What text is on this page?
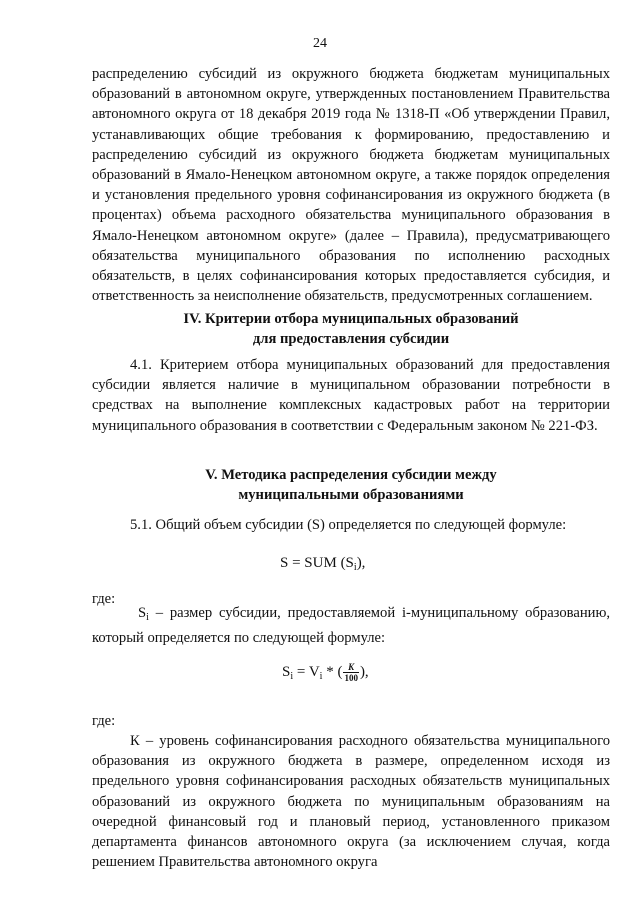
24

распределению субсидий из окружного бюджета бюджетам муниципальных образований в автономном округе, утвержденных постановлением Правительства автономного округа от 18 декабря 2019 года № 1318-П «Об утверждении Правил, устанавливающих общие требования к формированию, предоставлению и распределению субсидий из окружного бюджета бюджетам муниципальных образований в Ямало-Ненецком автономном округе, а также порядок определения и установления предельного уровня софинансирования из окружного бюджета (в процентах) объема расходного обязательства муниципального образования в Ямало-Ненецком автономном округе» (далее – Правила), предусматривающего обязательства муниципального образования по исполнению расходных обязательств, в целях софинансирования которых предоставляется субсидия, и ответственность за неисполнение обязательств, предусмотренных соглашением.

IV. Критерии отбора муниципальных образований
для предоставления субсидии

4.1. Критерием отбора муниципальных образований для предоставления субсидии является наличие в муниципальном образовании потребности в средствах на выполнение комплексных кадастровых работ на территории муниципального образования в соответствии с Федеральным законом № 221-ФЗ.

V. Методика распределения субсидии между
муниципальными образованиями

5.1. Общий объем субсидии (S) определяется по следующей формуле:

S = SUM $(S_i)$,

где:

$S_i$ – размер субсидии, предоставляемой i-муниципальному образованию, который определяется по следующей формуле:

$S_i = V_i$ * ( $\frac{K}{100}$ ),

где:

К – уровень софинансирования расходного обязательства муниципального образования из окружного бюджета в размере, определенном исходя из предельного уровня софинансирования расходных обязательств муниципальных образований из окружного бюджета по муниципальным образованиям на очередной финансовый год и плановый период, установленного приказом департамента финансов автономного округа (за исключением случая, когда решением Правительства автономного округа
